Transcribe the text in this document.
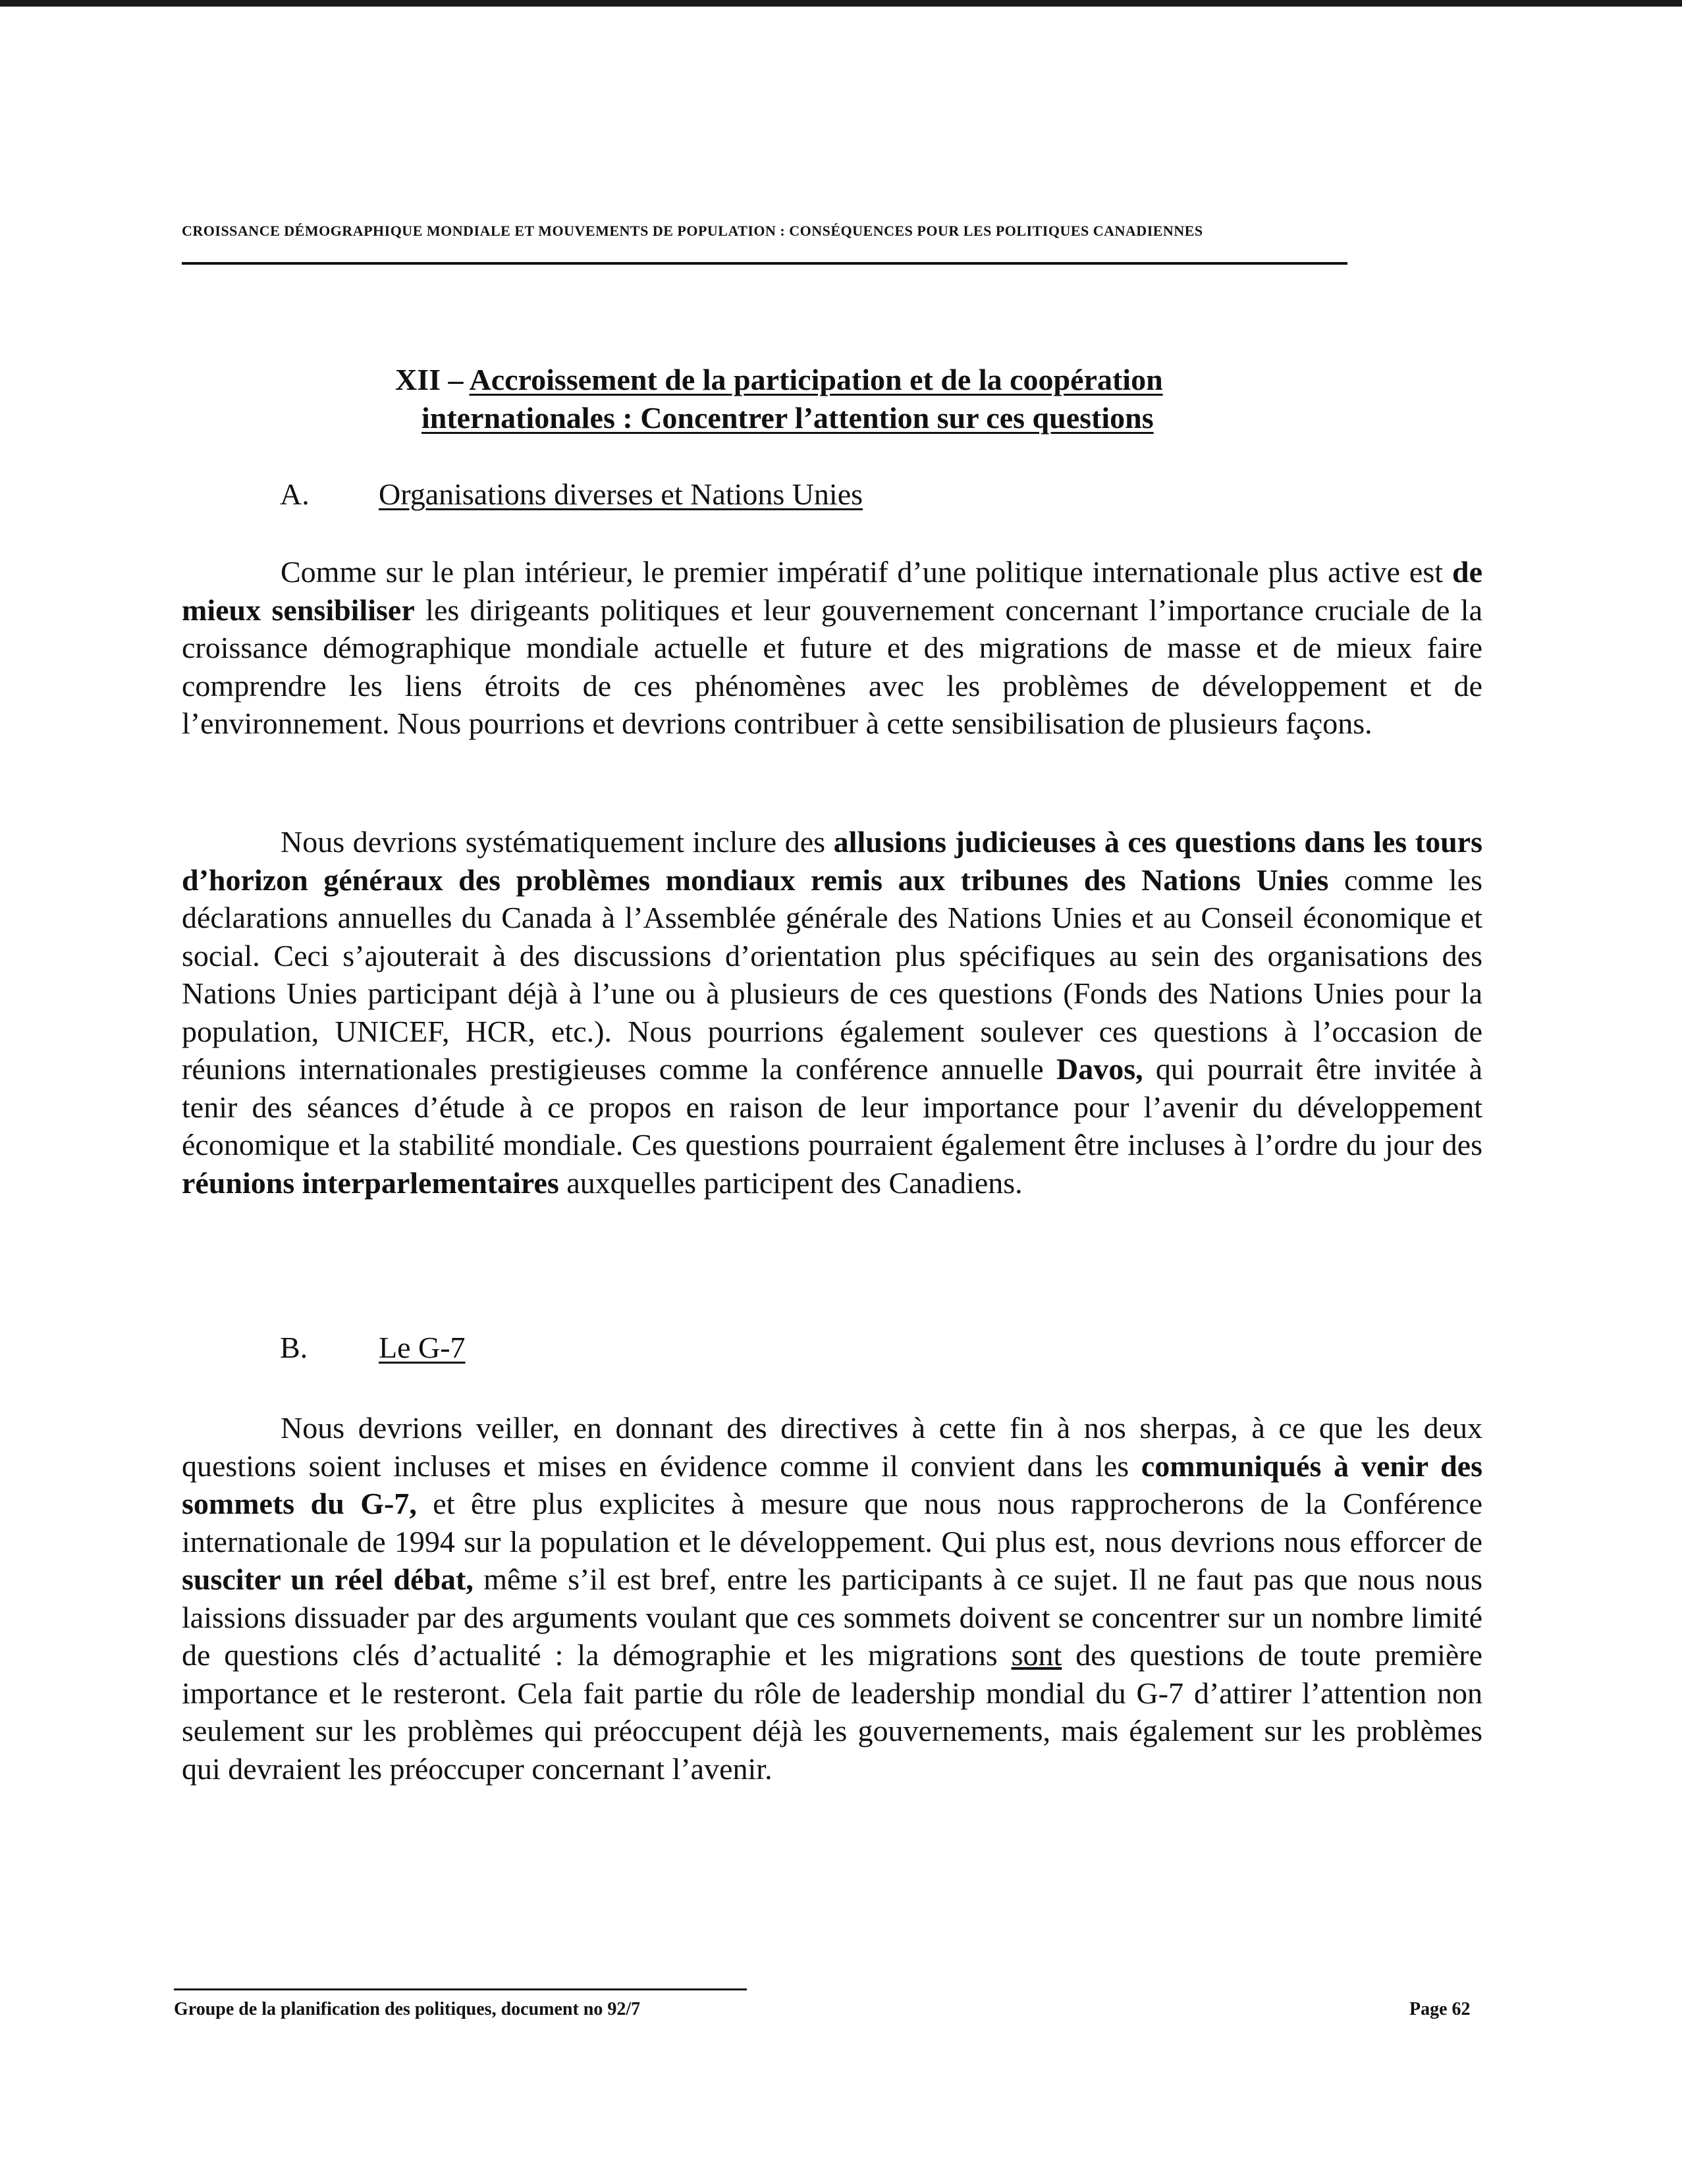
CROISSANCE DÉMOGRAPHIQUE MONDIALE ET MOUVEMENTS DE POPULATION : CONSÉQUENCES POUR LES POLITIQUES CANADIENNES
XII – Accroissement de la participation et de la coopération
internationales : Concentrer l’attention sur ces questions
A. Organisations diverses et Nations Unies

Comme sur le plan intérieur, le premier impératif d’une politique internationale plus active est de mieux sensibiliser les dirigeants politiques et leur gouvernement concernant l’importance cruciale de la croissance démographique mondiale actuelle et future et des migrations de masse et de mieux faire comprendre les liens étroits de ces phénomènes avec les problèmes de développement et de l’environnement. Nous pourrions et devrions contribuer à cette sensibilisation de plusieurs façons.

Nous devrions systématiquement inclure des allusions judicieuses à ces questions dans les tours d’horizon généraux des problèmes mondiaux remis aux tribunes des Nations Unies comme les déclarations annuelles du Canada à l’Assemblée générale des Nations Unies et au Conseil économique et social. Ceci s’ajouterait à des discussions d’orientation plus spécifiques au sein des organisations des Nations Unies participant déjà à l’une ou à plusieurs de ces questions (Fonds des Nations Unies pour la population, UNICEF, HCR, etc.). Nous pourrions également soulever ces questions à l’occasion de réunions internationales prestigieuses comme la conférence annuelle Davos, qui pourrait être invitée à tenir des séances d’étude à ce propos en raison de leur importance pour l’avenir du développement économique et la stabilité mondiale. Ces questions pourraient également être incluses à l’ordre du jour des réunions interparlementaires auxquelles participent des Canadiens.

B. Le G-7

Nous devrions veiller, en donnant des directives à cette fin à nos sherpas, à ce que les deux questions soient incluses et mises en évidence comme il convient dans les communiqués à venir des sommets du G-7, et être plus explicites à mesure que nous nous rapprocherons de la Conférence internationale de 1994 sur la population et le développement. Qui plus est, nous devrions nous efforcer de susciter un réel débat, même s’il est bref, entre les participants à ce sujet. Il ne faut pas que nous nous laissions dissuader par des arguments voulant que ces sommets doivent se concentrer sur un nombre limité de questions clés d’actualité : la démographie et les migrations sont des questions de toute première importance et le resteront. Cela fait partie du rôle de leadership mondial du G-7 d’attirer l’attention non seulement sur les problèmes qui préoccupent déjà les gouvernements, mais également sur les problèmes qui devraient les préoccuper concernant l’avenir.

Groupe de la planification des politiques, document no 92/7	Page 62
